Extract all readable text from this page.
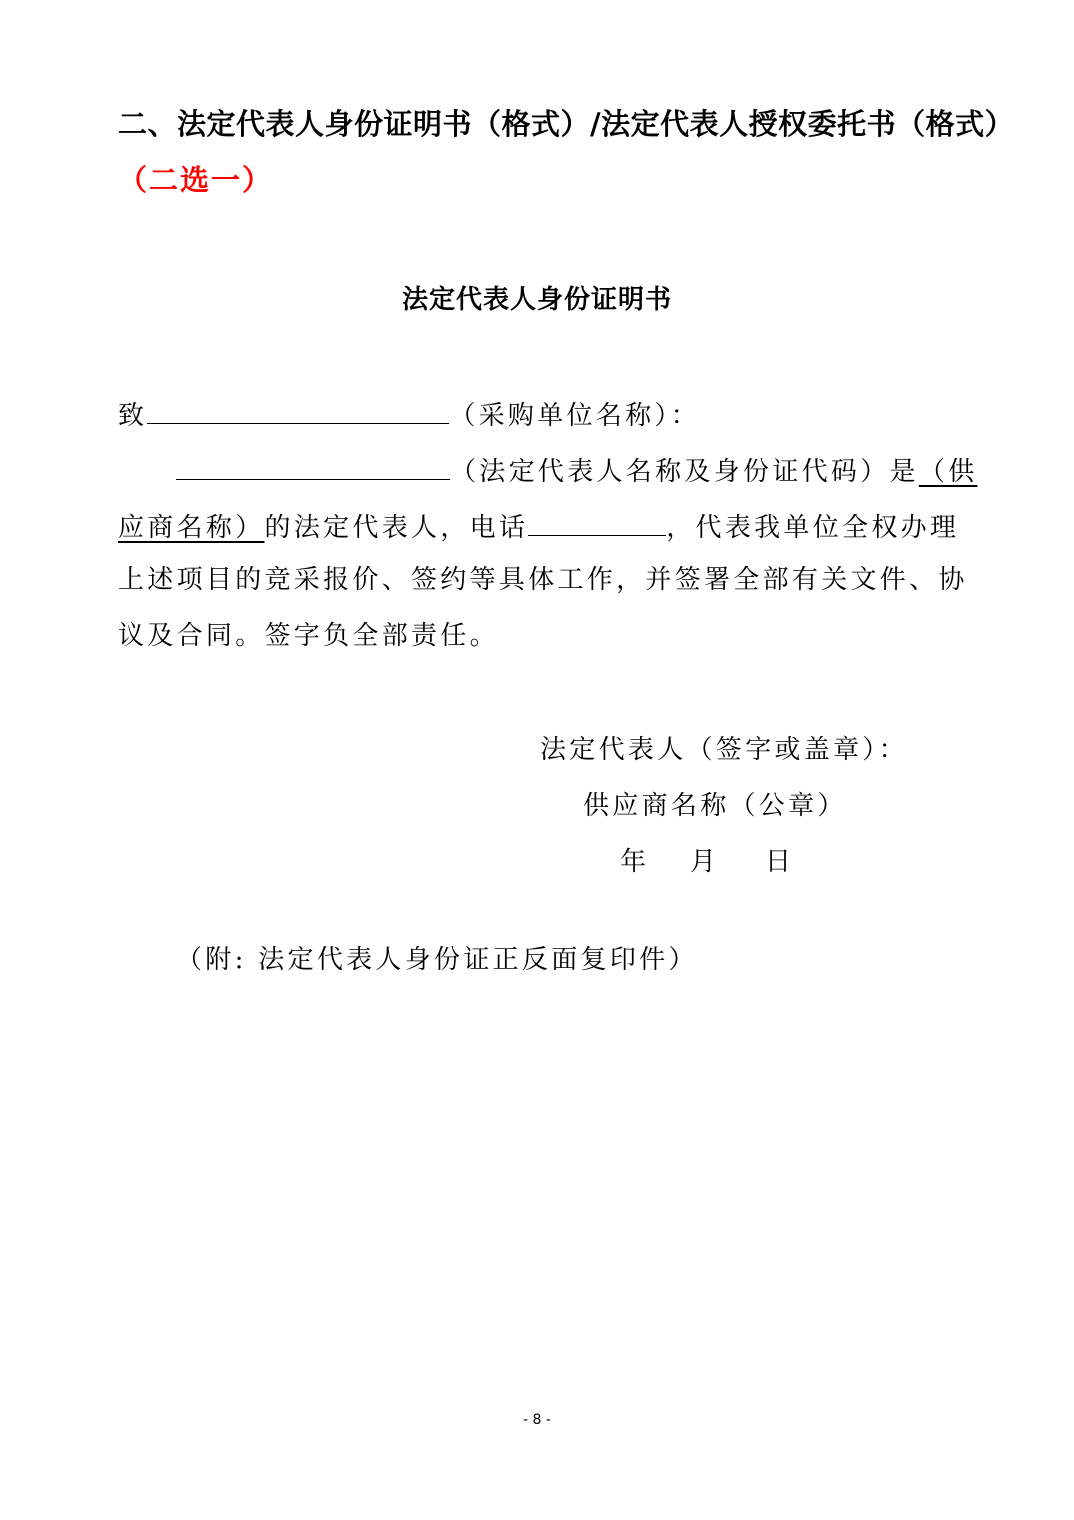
二、法定代表人身份证明书（格式）/法定代表人授权委托书（格式）
（二选一）
法定代表人身份证明书
致	（采购单位名称）：
（法定代表人名称及身份证代码）是（供
应商名称）的法定代表人，电话	，代表我单位全权办理
上述项目的竞采报价、签约等具体工作，并签署全部有关文件、协
议及合同。签字负全部责任。
法定代表人（签字或盖章）：
供应商名称（公章）
年 月 日
（附: 法定代表人身份证正反面复印件）
- 8 -
